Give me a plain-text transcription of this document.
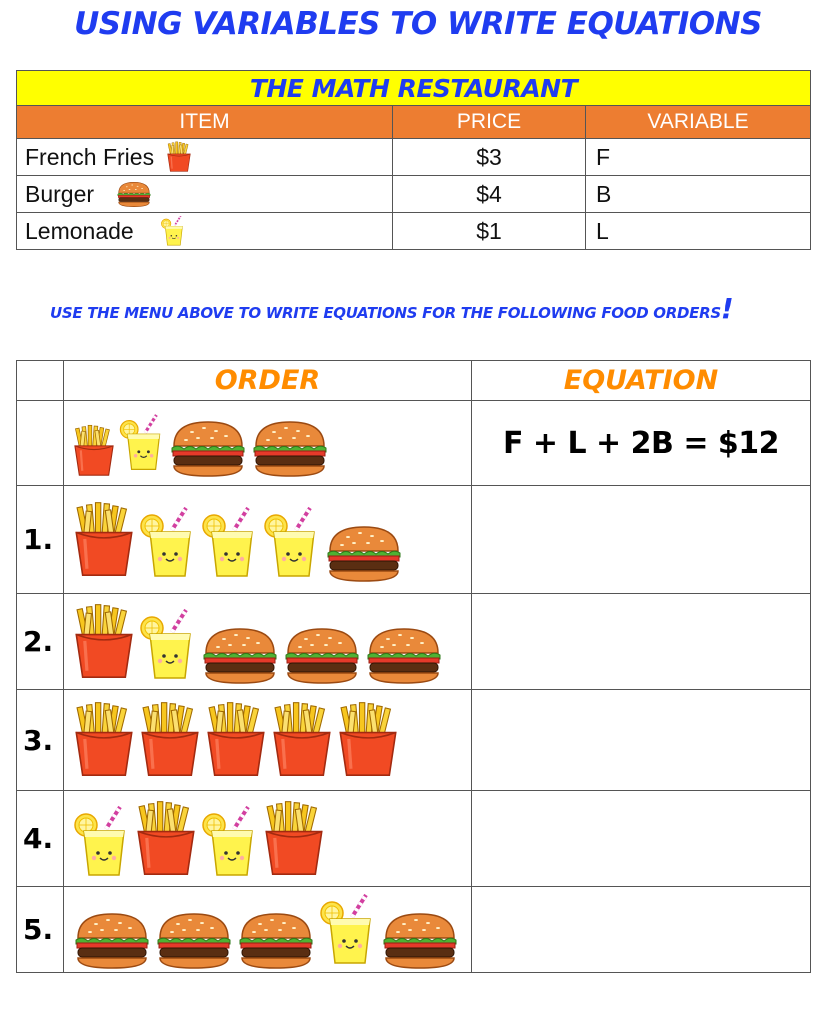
USING VARIABLES TO WRITE EQUATIONS
THE MATH RESTAURANT		
ITEM	PRICE	VARIABLE

French Fries	$3	F

Burger	$4	B

Lemonade	$1	L
USE THE MENU ABOVE TO WRITE EQUATIONS FOR THE FOLLOWING FOOD ORDERS!
	ORDER	EQUATION

	F + L + 2B = $12
1.	

2.	

3.	

4.	

5.	
